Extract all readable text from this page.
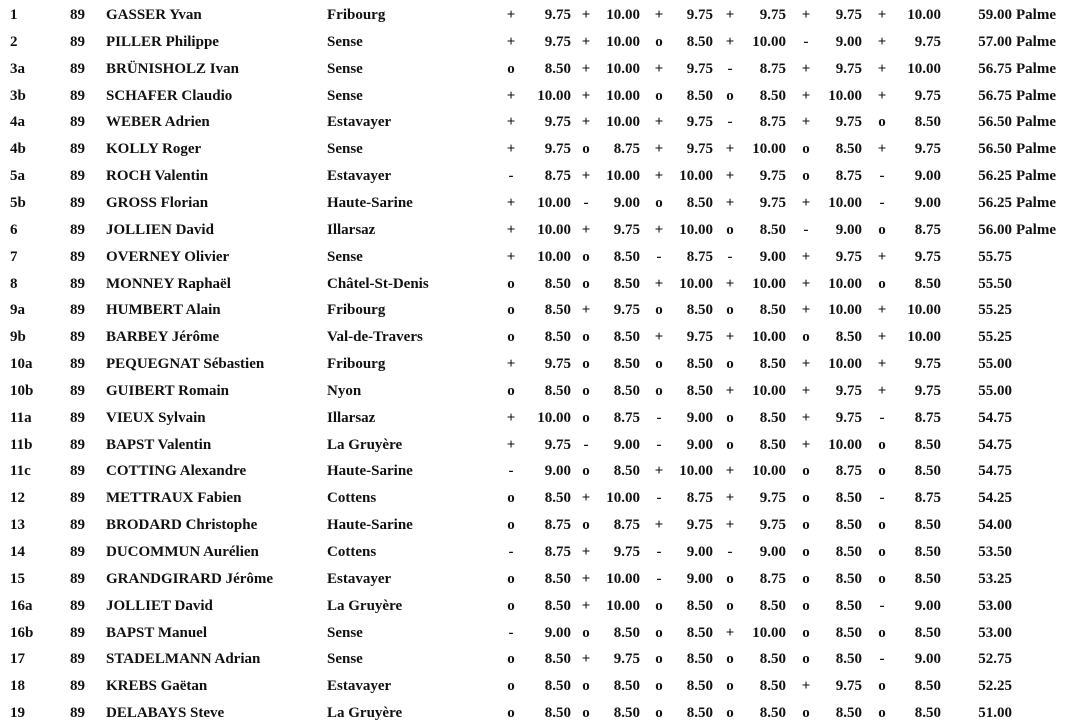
1	89 GASSER Yvan	Fribourg	+	9.75 +	10.00 +	9.75 +	9.75 +	9.75 +	10.00	59.00 Palme
2	89 PILLER Philippe	Sense	+	9.75 +	10.00 o	8.50 +	10.00 -	9.00 +	9.75	57.00 Palme
3a	89 BRÜNISHOLZ Ivan	Sense	o	8.50 +	10.00 +	9.75 -	8.75 +	9.75 +	10.00	56.75 Palme
3b	89 SCHAFER Claudio	Sense	+	10.00 +	10.00 o	8.50 o	8.50 +	10.00 +	9.75	56.75 Palme
4a	89 WEBER Adrien	Estavayer	+	9.75 +	10.00 +	9.75 -	8.75 +	9.75 o	8.50	56.50 Palme
4b	89 KOLLY Roger	Sense	+	9.75 o	8.75 +	9.75 +	10.00 o	8.50 +	9.75	56.50 Palme
5a	89 ROCH Valentin	Estavayer	-	8.75 +	10.00 +	10.00 +	9.75 o	8.75 -	9.00	56.25 Palme
5b	89 GROSS Florian	Haute-Sarine	+	10.00 -	9.00 o	8.50 +	9.75 +	10.00 -	9.00	56.25 Palme
6	89 JOLLIEN David	Illarsaz	+	10.00 +	9.75 +	10.00 o	8.50 -	9.00 o	8.75	56.00 Palme
7	89 OVERNEY Olivier	Sense	+	10.00 o	8.50 -	8.75 -	9.00 +	9.75 +	9.75	55.75
8	89 MONNEY Raphaël	Châtel-St-Denis	o	8.50 o	8.50 +	10.00 +	10.00 +	10.00 o	8.50	55.50
9a	89 HUMBERT Alain	Fribourg	o	8.50 +	9.75 o	8.50 o	8.50 +	10.00 +	10.00	55.25
9b	89 BARBEY Jérôme	Val-de-Travers	o	8.50 o	8.50 +	9.75 +	10.00 o	8.50 +	10.00	55.25
10a	89 PEQUEGNAT Sébastien	Fribourg	+	9.75 o	8.50 o	8.50 o	8.50 +	10.00 +	9.75	55.00
10b 89 GUIBERT Romain	Nyon	o	8.50 o	8.50 o	8.50 +	10.00 +	9.75 +	9.75	55.00
11a	89 VIEUX Sylvain	Illarsaz	+	10.00 o	8.75 -	9.00 o	8.50 +	9.75 -	8.75	54.75
11b 89 BAPST Valentin	La Gruyère	+	9.75 -	9.00 -	9.00 o	8.50 +	10.00 o	8.50	54.75
11c	89 COTTING Alexandre	Haute-Sarine	-	9.00 o	8.50 +	10.00 +	10.00 o	8.75 o	8.50	54.75
12	89 METTRAUX Fabien	Cottens	o	8.50 +	10.00 -	8.75 +	9.75 o	8.50 -	8.75	54.25
13	89 BRODARD Christophe	Haute-Sarine	o	8.75 o	8.75 +	9.75 +	9.75 o	8.50 o	8.50	54.00
14	89 DUCOMMUN Aurélien	Cottens	-	8.75 +	9.75 -	9.00 -	9.00 o	8.50 o	8.50	53.50
15	89 GRANDGIRARD Jérôme	Estavayer	o	8.50 +	10.00 -	9.00 o	8.75 o	8.50 o	8.50	53.25
16a	89 JOLLIET David	La Gruyère	o	8.50 +	10.00 o	8.50 o	8.50 o	8.50 -	9.00	53.00
16b 89 BAPST Manuel	Sense	-	9.00 o	8.50 o	8.50 +	10.00 o	8.50 o	8.50	53.00
17	89 STADELMANN Adrian	Sense	o	8.50 +	9.75 o	8.50 o	8.50 o	8.50 -	9.00	52.75
18	89 KREBS Gaëtan	Estavayer	o	8.50 o	8.50 o	8.50 o	8.50 +	9.75 o	8.50	52.25
19	89 DELABAYS Steve	La Gruyère	o	8.50 o	8.50 o	8.50 o	8.50 o	8.50 o	8.50	51.00
